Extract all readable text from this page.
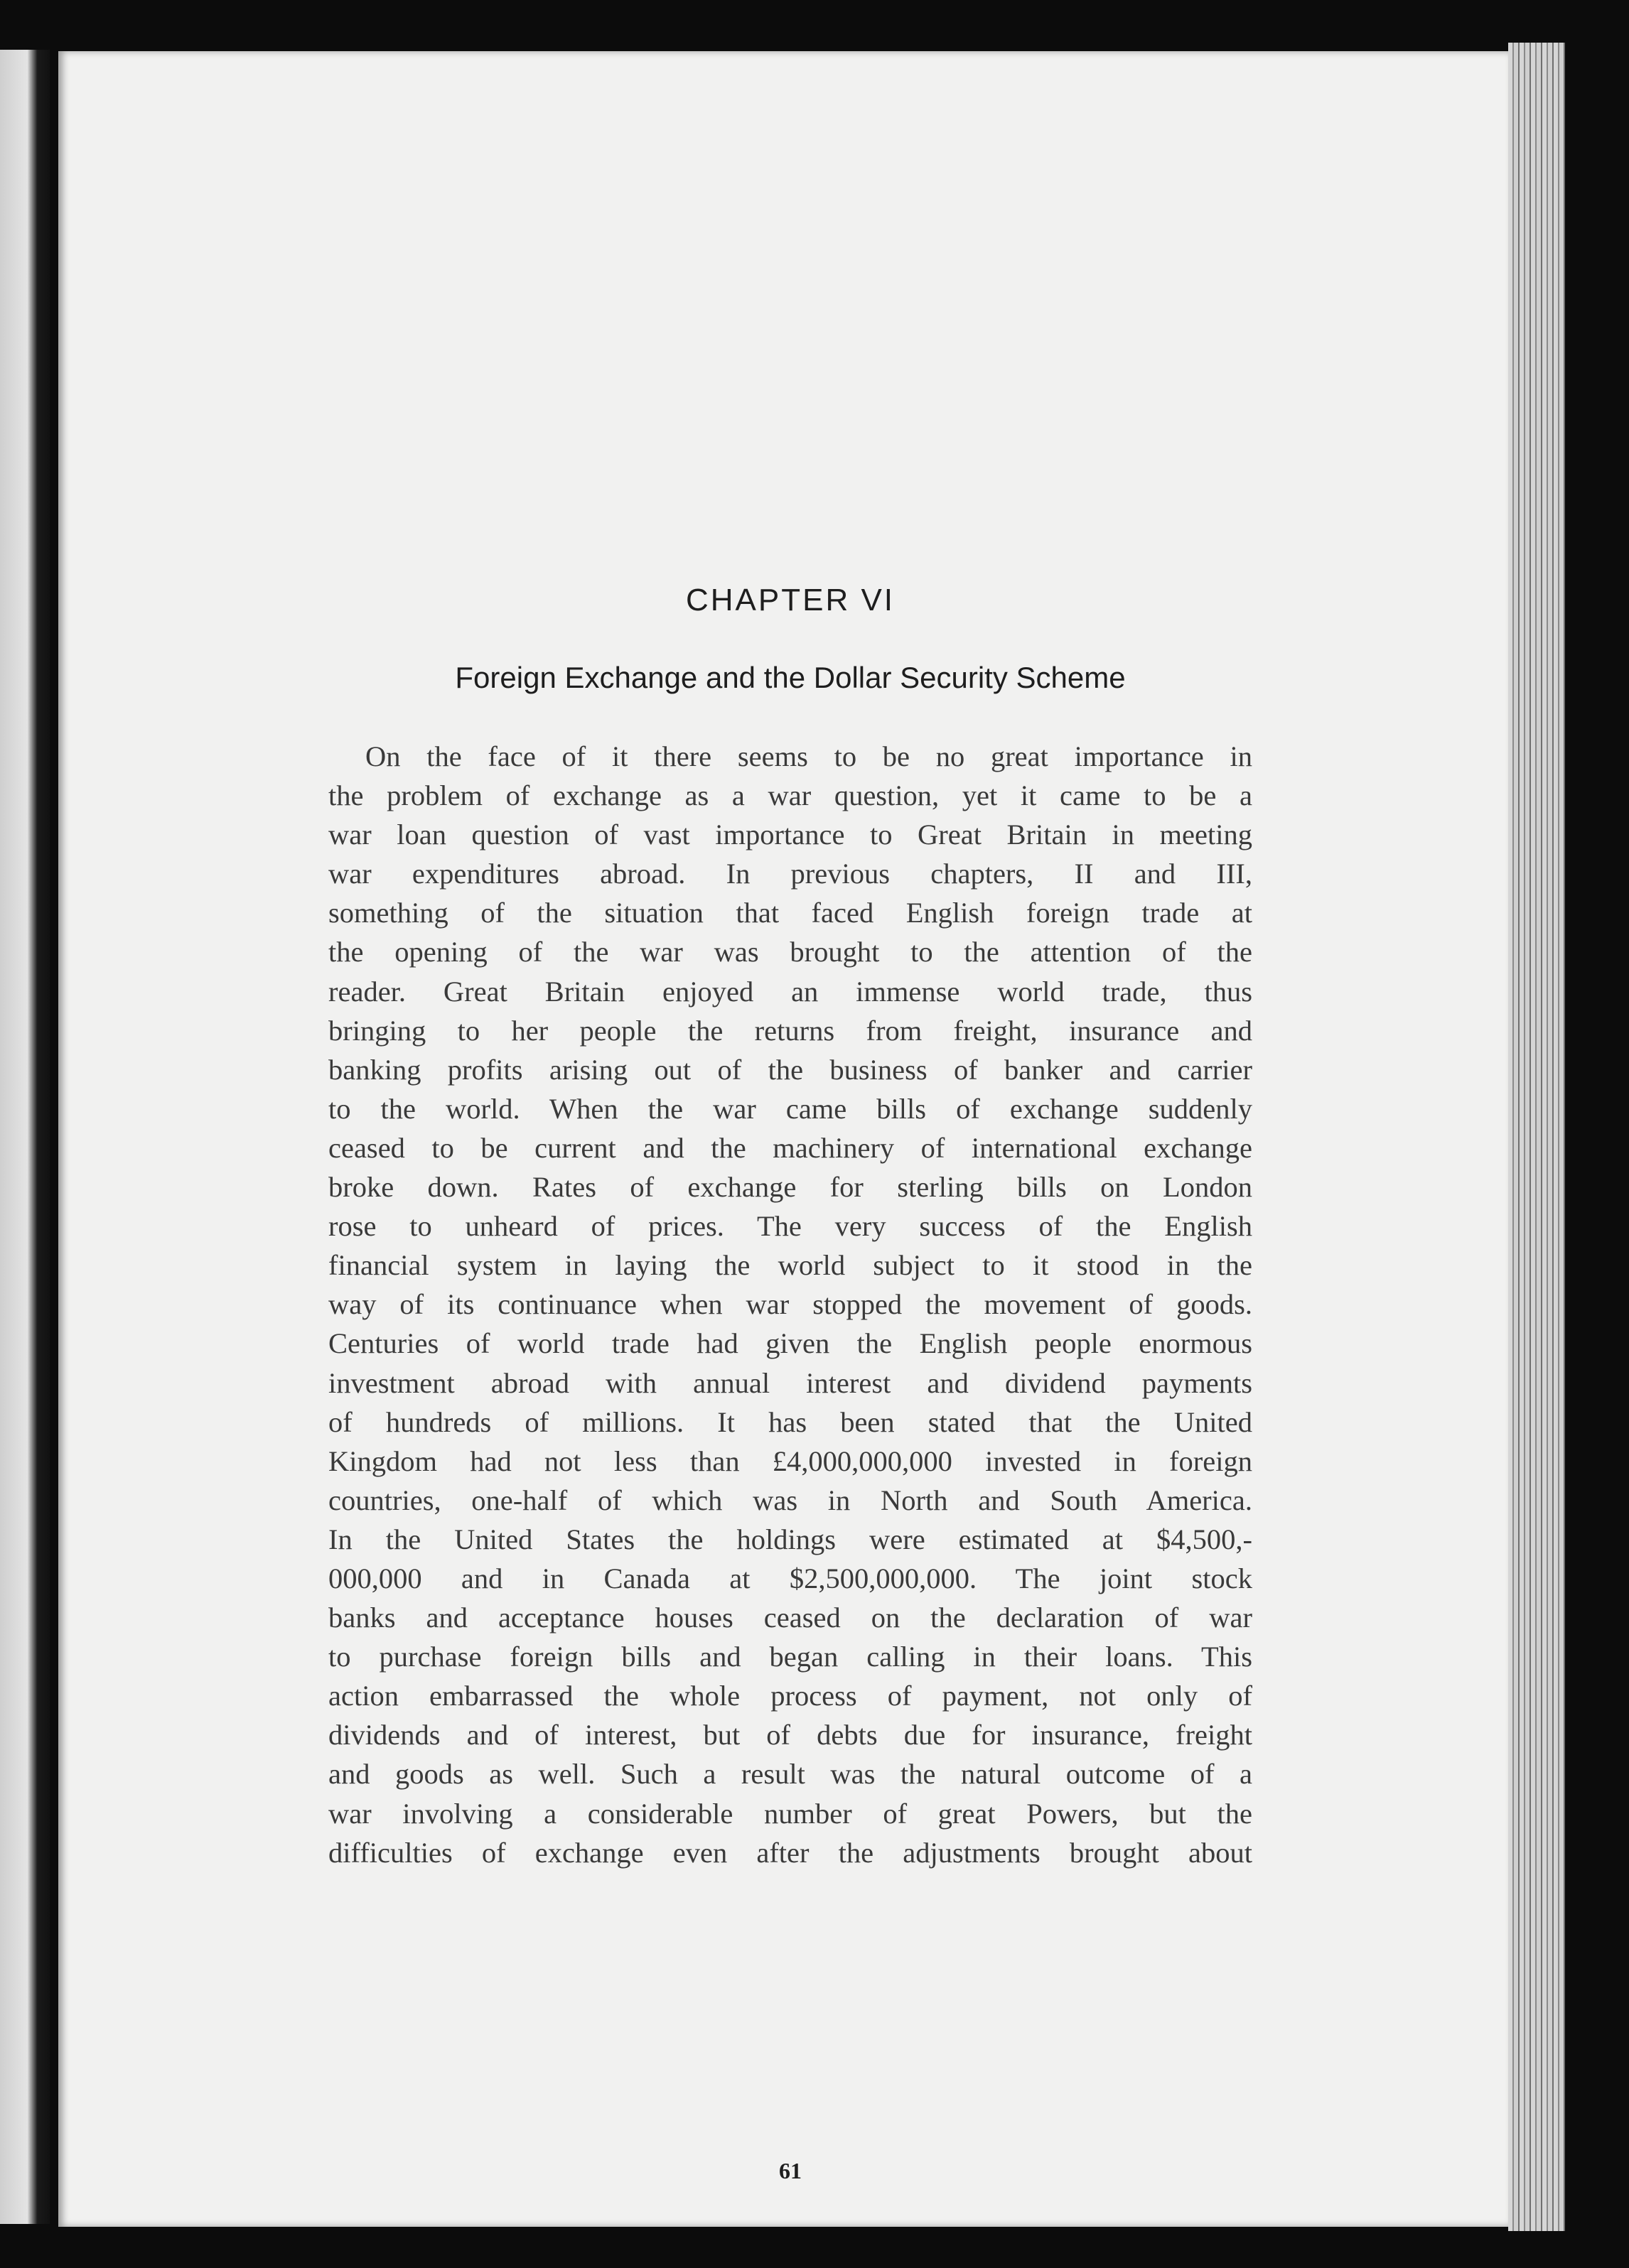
CHAPTER VI
Foreign Exchange and the Dollar Security Scheme

On the face of it there seems to be no great importance in
the problem of exchange as a war question, yet it came to be a
war loan question of vast importance to Great Britain in meeting
war expenditures abroad. In previous chapters, II and III,
something of the situation that faced English foreign trade at
the opening of the war was brought to the attention of the
reader. Great Britain enjoyed an immense world trade, thus
bringing to her people the returns from freight, insurance and
banking profits arising out of the business of banker and carrier
to the world. When the war came bills of exchange suddenly
ceased to be current and the machinery of international exchange
broke down. Rates of exchange for sterling bills on London
rose to unheard of prices. The very success of the English
financial system in laying the world subject to it stood in the
way of its continuance when war stopped the movement of goods.
Centuries of world trade had given the English people enormous
investment abroad with annual interest and dividend payments
of hundreds of millions. It has been stated that the United
Kingdom had not less than £4,000,000,000 invested in foreign
countries, one-half of which was in North and South America.
In the United States the holdings were estimated at $4,500,-
000,000 and in Canada at $2,500,000,000. The joint stock
banks and acceptance houses ceased on the declaration of war
to purchase foreign bills and began calling in their loans. This
action embarrassed the whole process of payment, not only of
dividends and of interest, but of debts due for insurance, freight
and goods as well. Such a result was the natural outcome of a
war involving a considerable number of great Powers, but the
difficulties of exchange even after the adjustments brought about

61
